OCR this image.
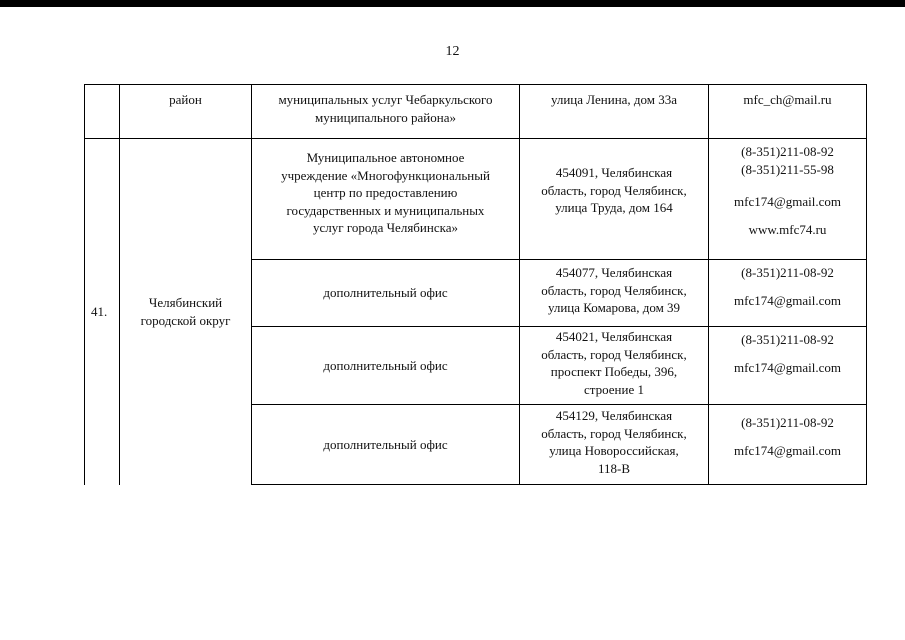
12

	район	муниципальных услуг Чебаркульского
муниципального района»	улица Ленина, дом 33а	mfc_ch@mail.ru

41.	Челябинский
городской округ	Муниципальное автономное
учреждение «Многофункциональный
центр по предоставлению
государственных и муниципальных
услуг города Челябинска»	454091, Челябинская
область, город Челябинск,
улица Труда, дом 164	(8-351)211-08-92
(8-351)211-55-98
mfc174@gmail.com
www.mfc74.ru

		дополнительный офис	454077, Челябинская
область, город Челябинск,
улица Комарова, дом 39	(8-351)211-08-92
mfc174@gmail.com

		дополнительный офис	454021, Челябинская
область, город Челябинск,
проспект Победы, 396,
строение 1	(8-351)211-08-92
mfc174@gmail.com

		дополнительный офис	454129, Челябинская
область, город Челябинск,
улица Новороссийская,
118-В	(8-351)211-08-92
mfc174@gmail.com
